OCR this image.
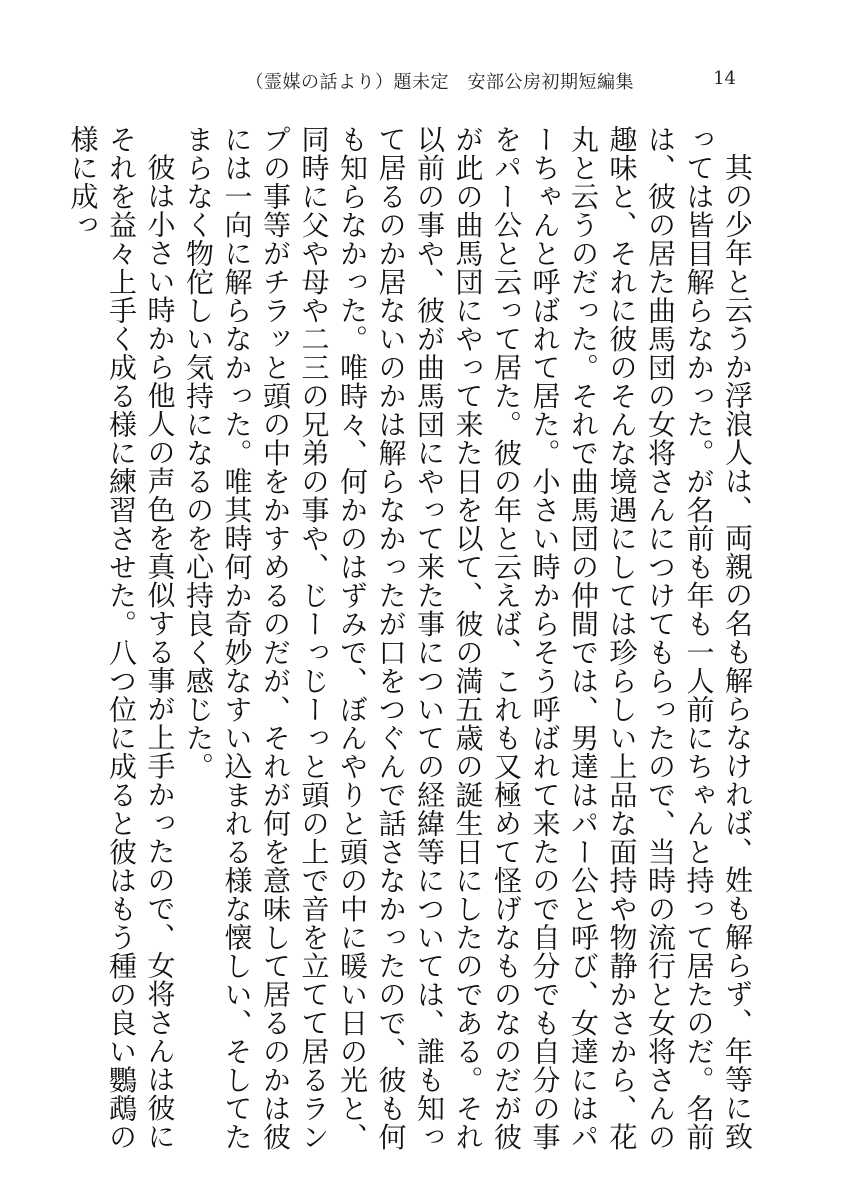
（霊媒の話より）題未定　安部公房初期短編集	14

其の少年と云うか浮浪人は、両親の名も解らなければ、姓も解らず、年等に致っては皆目解らなかった。が名前も年も一人前にちゃんと持って居たのだ。名前は、彼の居た曲馬団の女将さんにつけてもらったので、当時の流行と女将さんの趣味と、それに彼のそんな境遇にしては珍らしい上品な面持や物静かさから、花丸と云うのだった。それで曲馬団の仲間では、男達はパー公と呼び、女達にはパーちゃんと呼ばれて居た。小さい時からそう呼ばれて来たので自分でも自分の事をパー公と云って居た。彼の年と云えば、これも又極めて怪げなものなのだが彼が此の曲馬団にやって来た日を以て、彼の満五歳の誕生日にしたのである。それ以前の事や、彼が曲馬団にやって来た事についての経緯等については、誰も知って居るのか居ないのかは解らなかったが口をつぐんで話さなかったので、彼も何も知らなかった。唯時々、何かのはずみで、ぼんやりと頭の中に暖い日の光と、同時に父や母や二三の兄弟の事や、じーっじーっと頭の上で音を立てて居るランプの事等がチラッと頭の中をかすめるのだが、それが何を意味して居るのかは彼には一向に解らなかった。唯其時何か奇妙なすい込まれる様な懐しい、そしてたまらなく物佗しい気持になるのを心持良く感じた。

彼は小さい時から他人の声色を真似する事が上手かったので、女将さんは彼にそれを益々上手く成る様に練習させた。八つ位に成ると彼はもう種の良い鸚鵡の様に成っ
